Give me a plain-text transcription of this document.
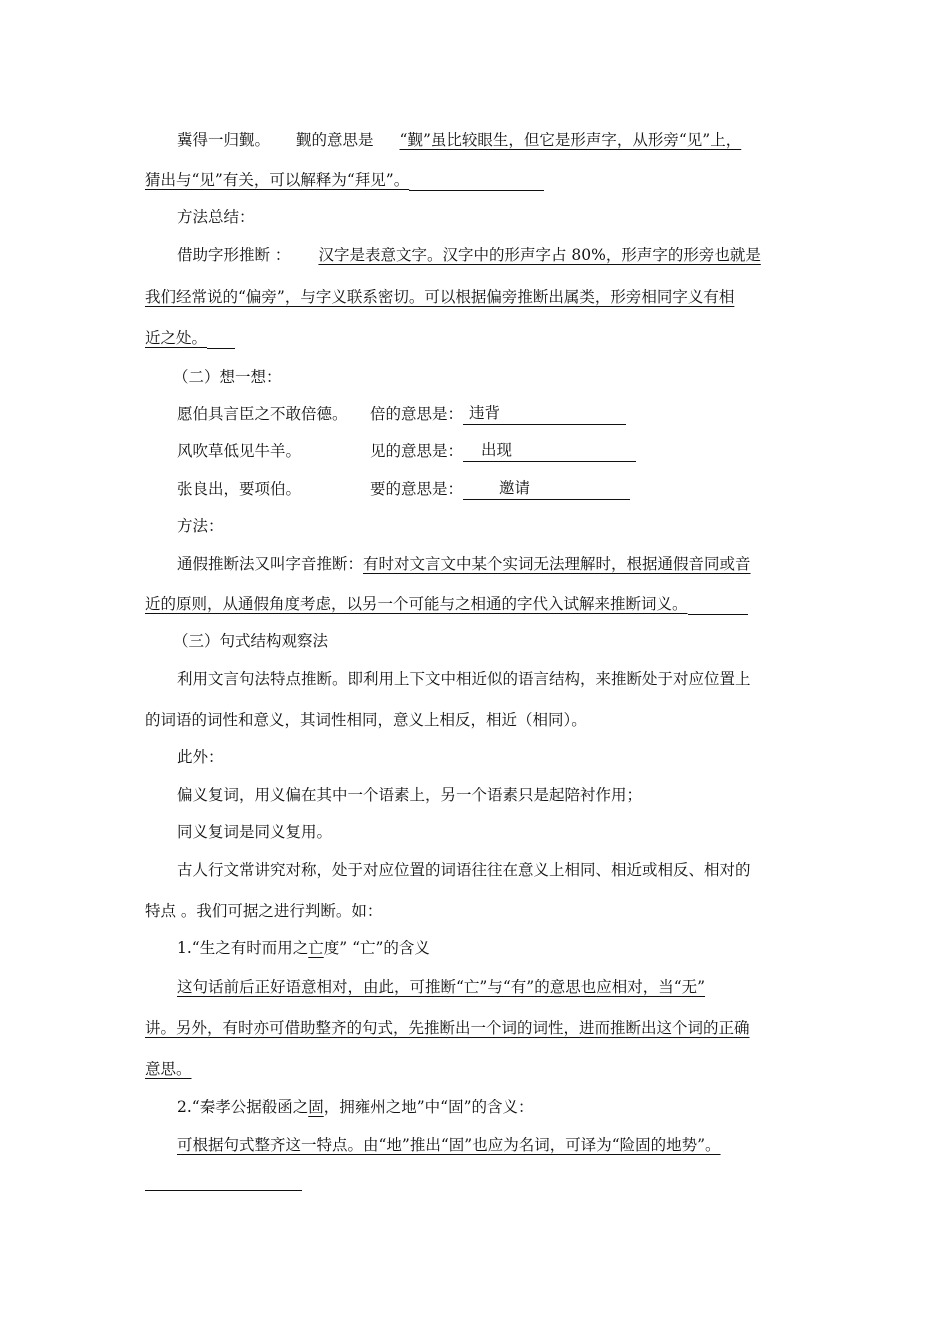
冀得一归觐。 觐的意思是 “觐”虽比较眼生，但它是形声字，从形旁“见”上，
猜出与“见”有关，可以解释为“拜见”。
方法总结：
借助字形推断 ： 汉字是表意文字。汉字中的形声字占 80%，形声字的形旁也就是
我们经常说的“偏旁”，与字义联系密切。可以根据偏旁推断出属类，形旁相同字义有相
近之处。
（二）想一想：
愿伯具言臣之不敢倍德。 倍的意思是： 违背
风吹草低见牛羊。	见的意思是： 出现
张良出，要项伯。	要的意思是： 邀请
方法：
通假推断法又叫字音推断：有时对文言文中某个实词无法理解时，根据通假音同或音
近的原则，从通假角度考虑，以另一个可能与之相通的字代入试解来推断词义。
（三）句式结构观察法
利用文言句法特点推断。即利用上下文中相近似的语言结构，来推断处于对应位置上
的词语的词性和意义，其词性相同，意义上相反，相近（相同）。
此外：
偏义复词，用义偏在其中一个语素上，另一个语素只是起陪衬作用；
同义复词是同义复用。
古人行文常讲究对称，处于对应位置的词语往往在意义上相同、相近或相反、相对的
特点 。我们可据之进行判断。如：
1.“生之有时而用之亡度” “亡”的含义
这句话前后正好语意相对，由此，可推断“亡”与“有”的意思也应相对，当“无”
讲。另外，有时亦可借助整齐的句式，先推断出一个词的词性，进而推断出这个词的正确
意思。
2.“秦孝公据殽函之固，拥雍州之地”中“固”的含义：
可根据句式整齐这一特点。由“地”推出“固”也应为名词，可译为“险固的地势”。
